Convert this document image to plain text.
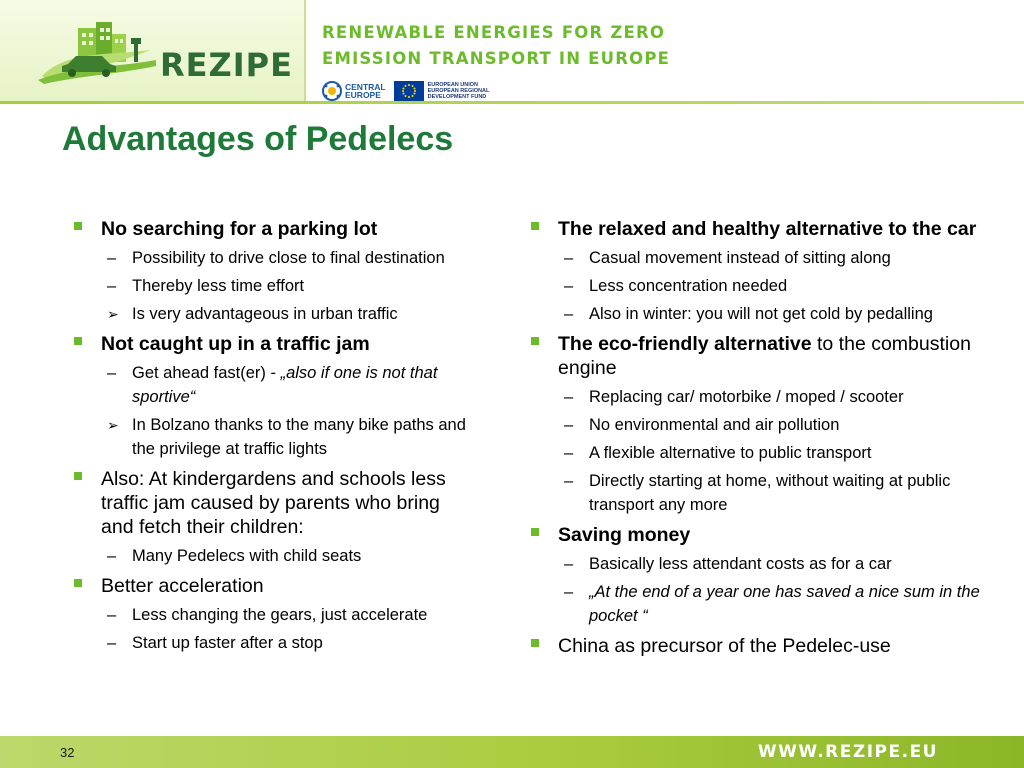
REZIPE
RENEWABLE ENERGIES FOR ZERO
EMISSION TRANSPORT IN EUROPE
CENTRAL
EUROPE
EUROPEAN UNION
EUROPEAN REGIONAL
DEVELOPMENT FUND
Advantages of Pedelecs
No searching for a parking lot
– Possibility to drive close to final destination
– Thereby less time effort
➢ Is very advantageous in urban traffic
Not caught up in a traffic jam
– Get ahead fast(er) - „also if one is not that sportive“
➢ In Bolzano thanks to the many bike paths and the privilege at traffic lights
Also: At kindergardens and schools less traffic jam caused by parents who bring and fetch their children:
– Many Pedelecs with child seats
Better acceleration
– Less changing the gears, just accelerate
– Start up faster after a stop
The relaxed and healthy alternative to the car
– Casual movement instead of sitting along
– Less concentration needed
– Also in winter: you will not get cold by pedalling
The eco-friendly alternative to the combustion engine
– Replacing car/ motorbike / moped / scooter
– No environmental and air pollution
– A flexible alternative to public transport
– Directly starting at home, without waiting at public transport any more
Saving money
– Basically less attendant costs as for a car
– „At the end of a year one has saved a nice sum in the pocket “
China as precursor of the Pedelec-use
32	WWW.REZIPE.EU
